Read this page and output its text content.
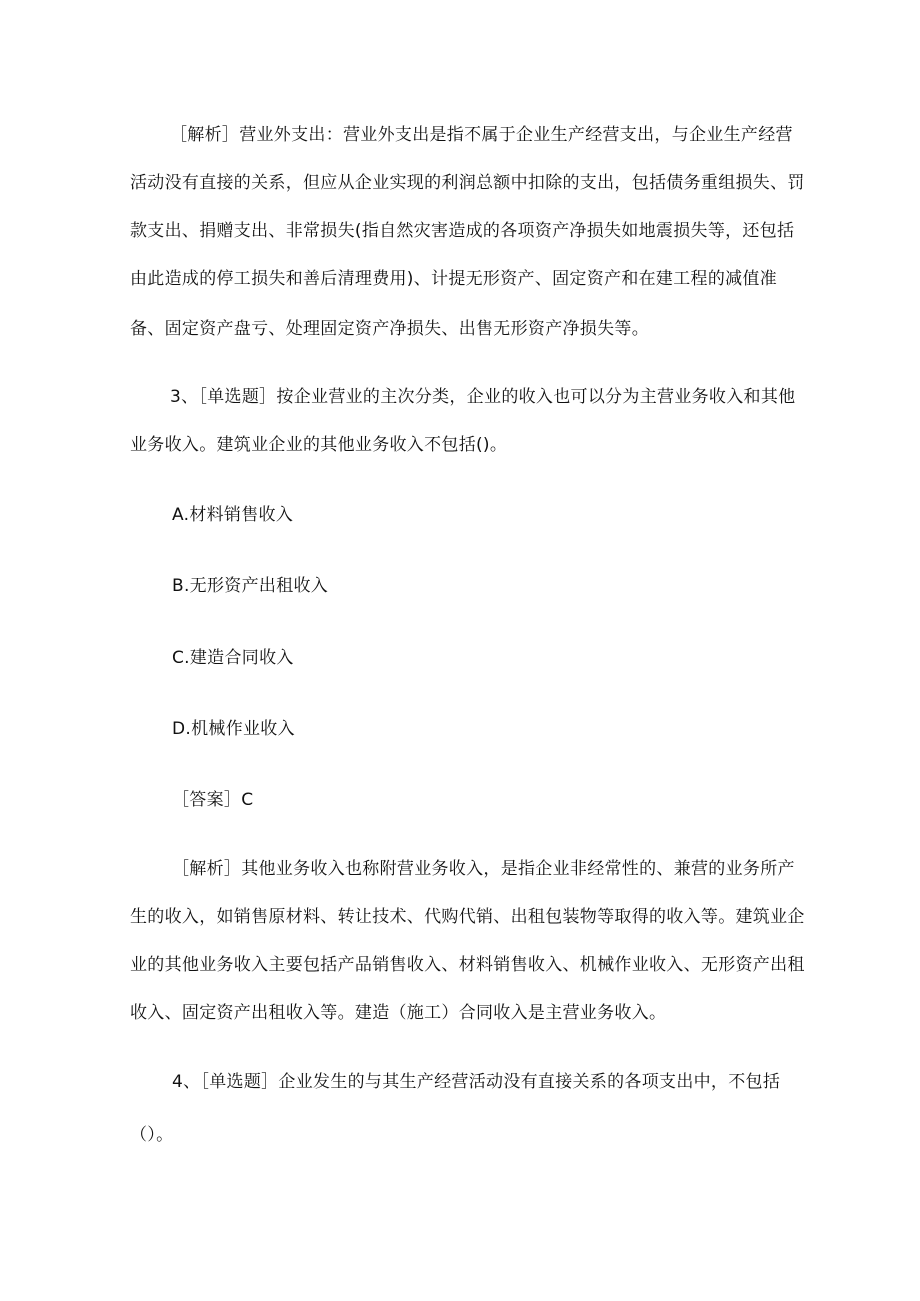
［解析］营业外支出：营业外支出是指不属于企业生产经营支出，与企业生产经营
活动没有直接的关系，但应从企业实现的利润总额中扣除的支出，包括债务重组损失、罚
款支出、捐赠支出、非常损失(指自然灾害造成的各项资产净损失如地震损失等，还包括
由此造成的停工损失和善后清理费用)、计提无形资产、固定资产和在建工程的减值准
备、固定资产盘亏、处理固定资产净损失、出售无形资产净损失等。
3、［单选题］按企业营业的主次分类，企业的收入也可以分为主营业务收入和其他
业务收入。建筑业企业的其他业务收入不包括()。
A.材料销售收入
B.无形资产出租收入
C.建造合同收入
D.机械作业收入
［答案］C
［解析］其他业务收入也称附营业务收入，是指企业非经常性的、兼营的业务所产
生的收入，如销售原材料、转让技术、代购代销、出租包装物等取得的收入等。建筑业企
业的其他业务收入主要包括产品销售收入、材料销售收入、机械作业收入、无形资产出租
收入、固定资产出租收入等。建造（施工）合同收入是主营业务收入。
4、［单选题］企业发生的与其生产经营活动没有直接关系的各项支出中，不包括
（）。
